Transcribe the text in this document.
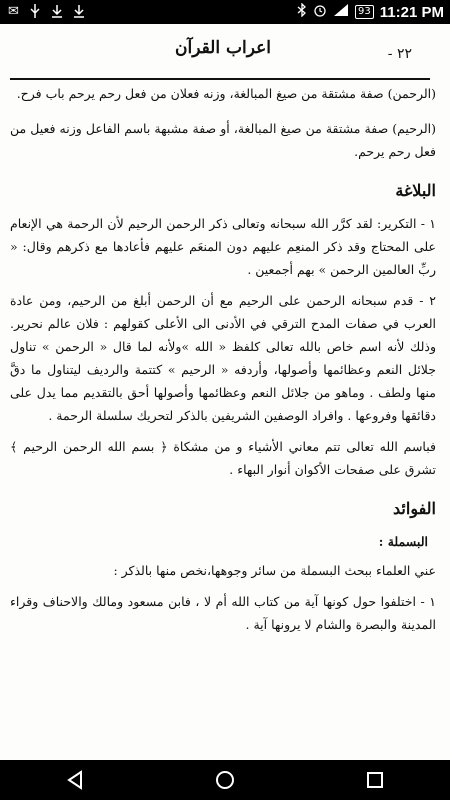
✉	93 11:21 PM
اعراب القرآن	- ٢٢

(الرحمن) صفة مشتقة من صيغ المبالغة، وزنه فعلان من فعل رحم يرحم باب فرح.

(الرحيم) صفة مشتقة من صيغ المبالغة، أو صفة مشبهة باسم الفاعل وزنه فعيل من فعل رحم يرحم.

البلاغة

١ - التكرير: لقد كرَّر الله سبحانه وتعالى ذكر الرحمن الرحيم لأن الرحمة هي الإنعام على المحتاج وقد ذكر المنعِم عليهم دون المنعَم عليهم فأعادها مع ذكرهم وقال: « ربِّ العالمين الرحمن » بهم أجمعين .

٢ - قدم سبحانه الرحمن على الرحيم مع أن الرحمن أبلغ من الرحيم، ومن عادة العرب في صفات المدح الترقي في الأدنى الى الأعلى كقولهم : فلان عالم نحرير. وذلك لأنه اسم خاص بالله تعالى كلفظ « الله »ولأنه لما قال « الرحمن » تناول جلائل النعم وعظائمها وأصولها، وأردفه « الرحيم » كتتمة والرديف ليتناول ما دقَّ منها ولطف . وماهو من جلائل النعم وعظائمها وأصولها أحق بالتقديم مما يدل على دقائقها وفروعها . وافراد الوصفين الشريفين بالذكر لتحريك سلسلة الرحمة .

فباسم الله تعالى تتم معاني الأشياء و من مشكاة ﴿ بسم الله الرحمن الرحيم ﴾ تشرق على صفحات الأكوان أنوار البهاء .

الفوائد
البسملة :

عني العلماء ببحث البسملة من سائر وجوهها،نخص منها بالذكر :

١ - اختلفوا حول كونها آية من كتاب الله أم لا ، فابن مسعود ومالك والاحناف وقراء المدينة والبصرة والشام لا يرونها آية .
